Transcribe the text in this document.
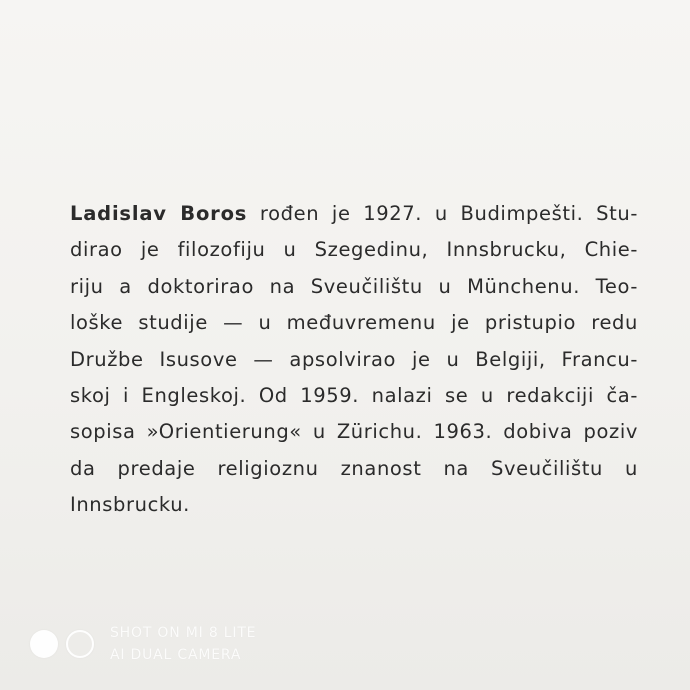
Ladislav Boros rođen je 1927. u Budimpešti. Stu-
dirao je filozofiju u Szegedinu, Innsbrucku, Chie-
riju a doktorirao na Sveučilištu u Münchenu. Teo-
loške studije — u međuvremenu je pristupio redu
Družbe Isusove — apsolvirao je u Belgiji, Francu-
skoj i Engleskoj. Od 1959. nalazi se u redakciji ča-
sopisa »Orientierung« u Zürichu. 1963. dobiva poziv
da predaje religioznu znanost na Sveučilištu u
Innsbrucku.
SHOT ON MI 8 LITE
AI DUAL CAMERA
